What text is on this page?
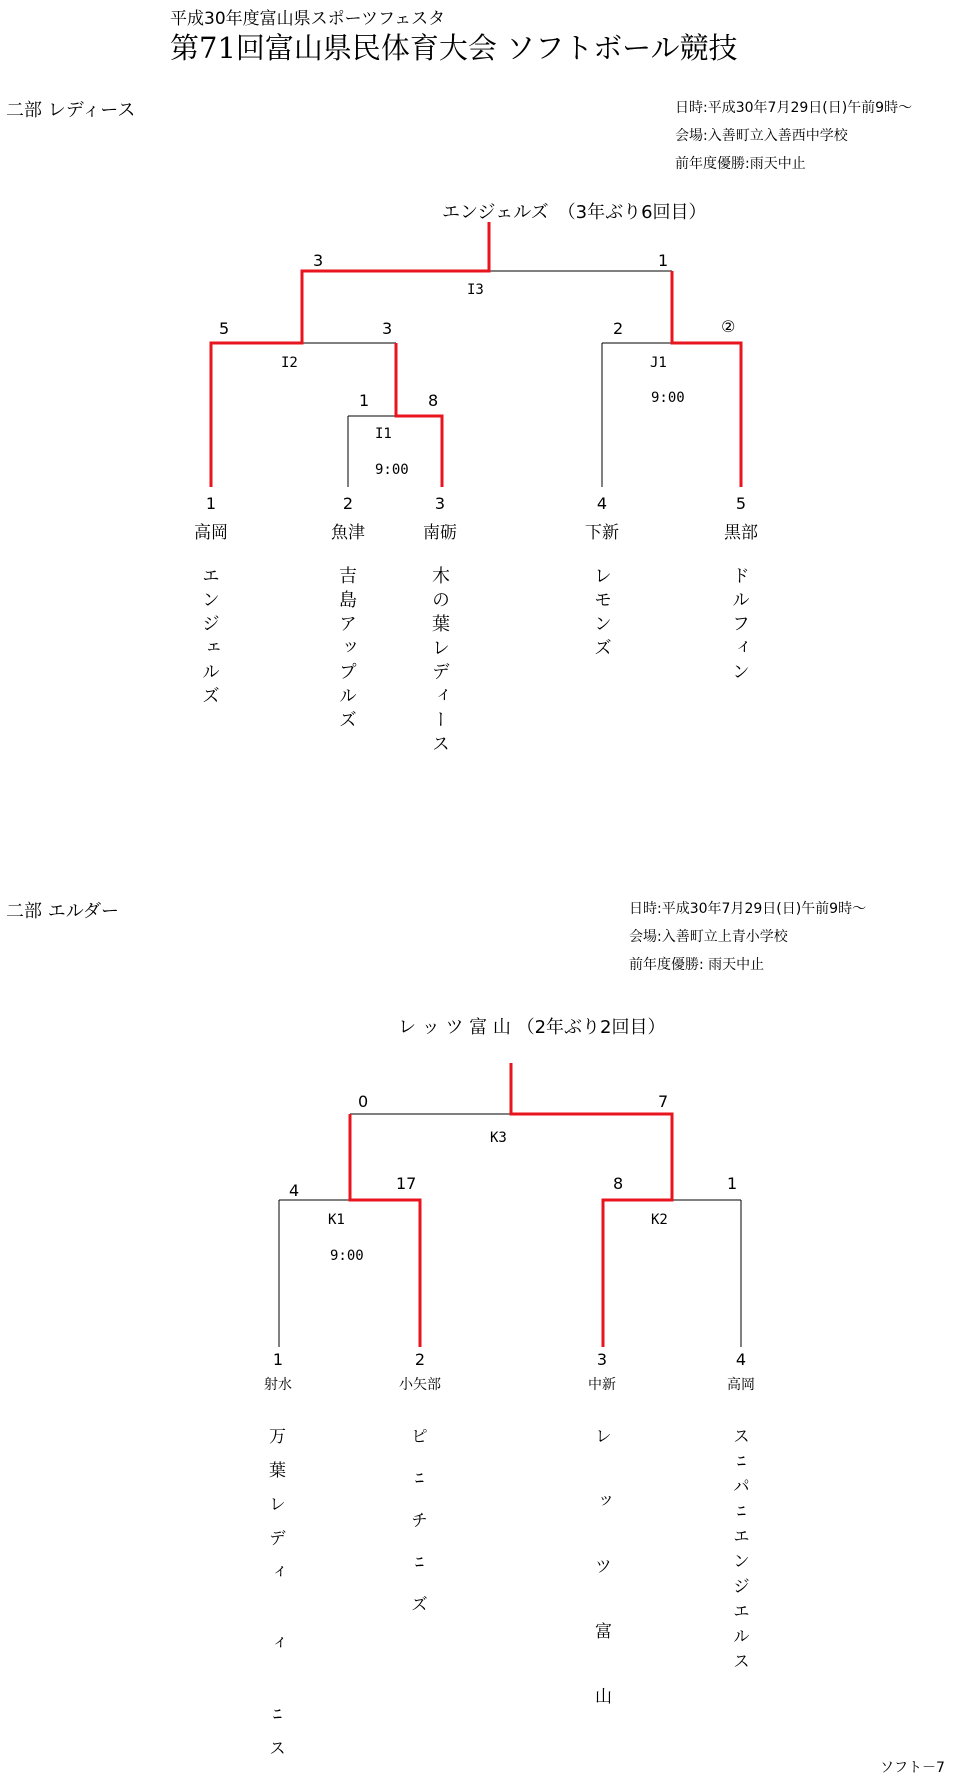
平成30年度富山県スポーツフェスタ
第71回富山県民体育大会 ソフトボール競技
二部 レディース	日時:平成30年7月29日(日)午前9時～
会場:入善町立入善西中学校
前年度優勝:雨天中止
エンジェルズ　（3年ぶり6回目）
3	1
I3
5	3	2	②
I2	J1
9:00
1	8
I1
9:00
1
高岡
エンジェルズ
2
魚津
吉島アップルズ
3
南砺
木の葉レディース
4
下新
レモンズ
5
黒部
ドルフィン
二部 エルダー	日時:平成30年7月29日(日)午前9時～
会場:入善町立上青小学校
前年度優勝: 雨天中止
レ ッ ツ 富 山 （2年ぶり2回目）
0	7
K3
4	17	8	1
K1	K2
9:00
1
射水
万葉レディ ィ ﾆス
2
小矢部
ピﾆチﾆズ
3
中新
レッツ富山
4
高岡
スﾆパﾆエンジエルス
ソフト－7
